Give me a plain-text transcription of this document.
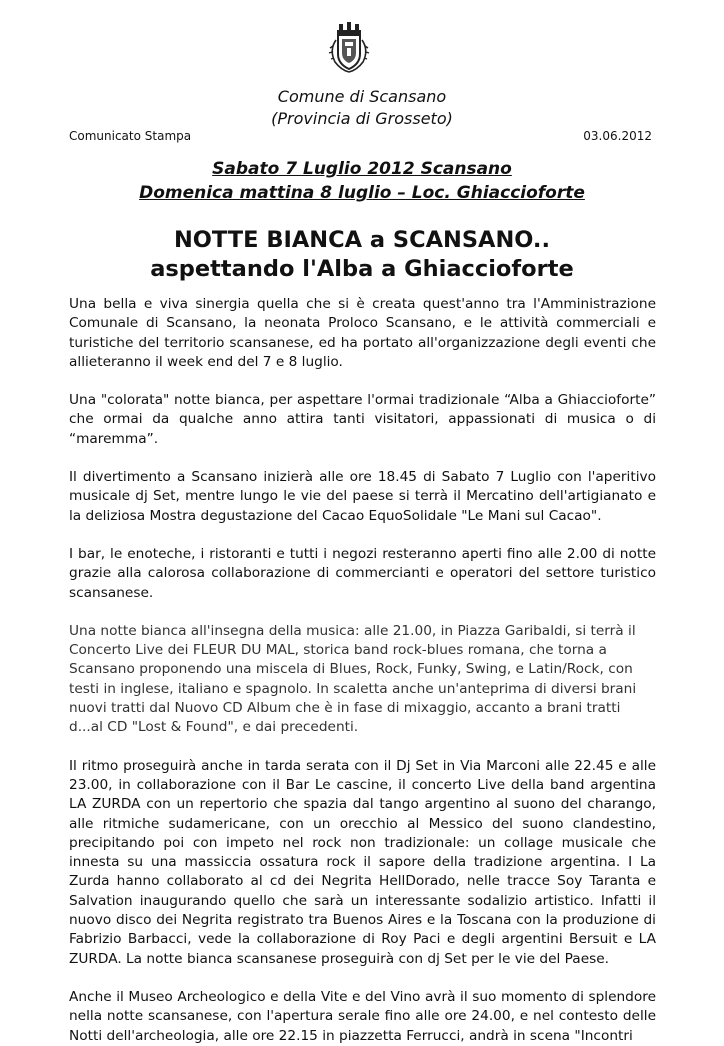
Comune di Scansano
(Provincia di Grosseto)
Comunicato Stampa	03.06.2012
Sabato 7 Luglio 2012 Scansano
Domenica mattina 8 luglio – Loc. Ghiaccioforte
NOTTE BIANCA a SCANSANO..
aspettando l'Alba a Ghiaccioforte

Una bella e viva sinergia quella che si è creata quest'anno tra l'Amministrazione Comunale di Scansano, la neonata Proloco Scansano, e le attività commerciali e turistiche del territorio scansanese, ed ha portato all'organizzazione degli eventi che allieteranno il week end del 7 e 8 luglio.

Una "colorata" notte bianca, per aspettare l'ormai tradizionale “Alba a Ghiaccioforte” che ormai da qualche anno attira tanti visitatori, appassionati di musica o di “maremma”.

Il divertimento a Scansano inizierà alle ore 18.45 di Sabato 7 Luglio con l'aperitivo musicale dj Set, mentre lungo le vie del paese si terrà il Mercatino dell'artigianato e la deliziosa Mostra degustazione del Cacao EquoSolidale "Le Mani sul Cacao".

I bar, le enoteche, i ristoranti e tutti i negozi resteranno aperti fino alle 2.00 di notte grazie alla calorosa collaborazione di commercianti e operatori del settore turistico scansanese.

Una notte bianca all'insegna della musica: alle 21.00, in Piazza Garibaldi, si terrà il Concerto Live dei FLEUR DU MAL, storica band rock-blues romana, che torna a Scansano proponendo una miscela di Blues, Rock, Funky, Swing, e Latin/Rock, con testi in inglese, italiano e spagnolo. In scaletta anche un'anteprima di diversi brani nuovi tratti dal Nuovo CD Album che è in fase di mixaggio, accanto a brani tratti d...al CD "Lost & Found", e dai precedenti.

Il ritmo proseguirà anche in tarda serata con il Dj Set in Via Marconi alle 22.45 e alle 23.00, in collaborazione con il Bar Le cascine, il concerto Live della band argentina LA ZURDA con un repertorio che spazia dal tango argentino al suono del charango, alle ritmiche sudamericane, con un orecchio al Messico del suono clandestino, precipitando poi con impeto nel rock non tradizionale: un collage musicale che innesta su una massiccia ossatura rock il sapore della tradizione argentina. I La Zurda hanno collaborato al cd dei Negrita HellDorado, nelle tracce Soy Taranta e Salvation inaugurando quello che sarà un interessante sodalizio artistico. Infatti il nuovo disco dei Negrita registrato tra Buenos Aires e la Toscana con la produzione di Fabrizio Barbacci, vede la collaborazione di Roy Paci e degli argentini Bersuit e LA ZURDA. La notte bianca scansanese proseguirà con dj Set per le vie del Paese.

Anche il Museo Archeologico e della Vite e del Vino avrà il suo momento di splendore nella notte scansanese, con l'apertura serale fino alle ore 24.00, e nel contesto delle Notti dell'archeologia, alle ore 22.15 in piazzetta Ferrucci, andrà in scena "Incontri
